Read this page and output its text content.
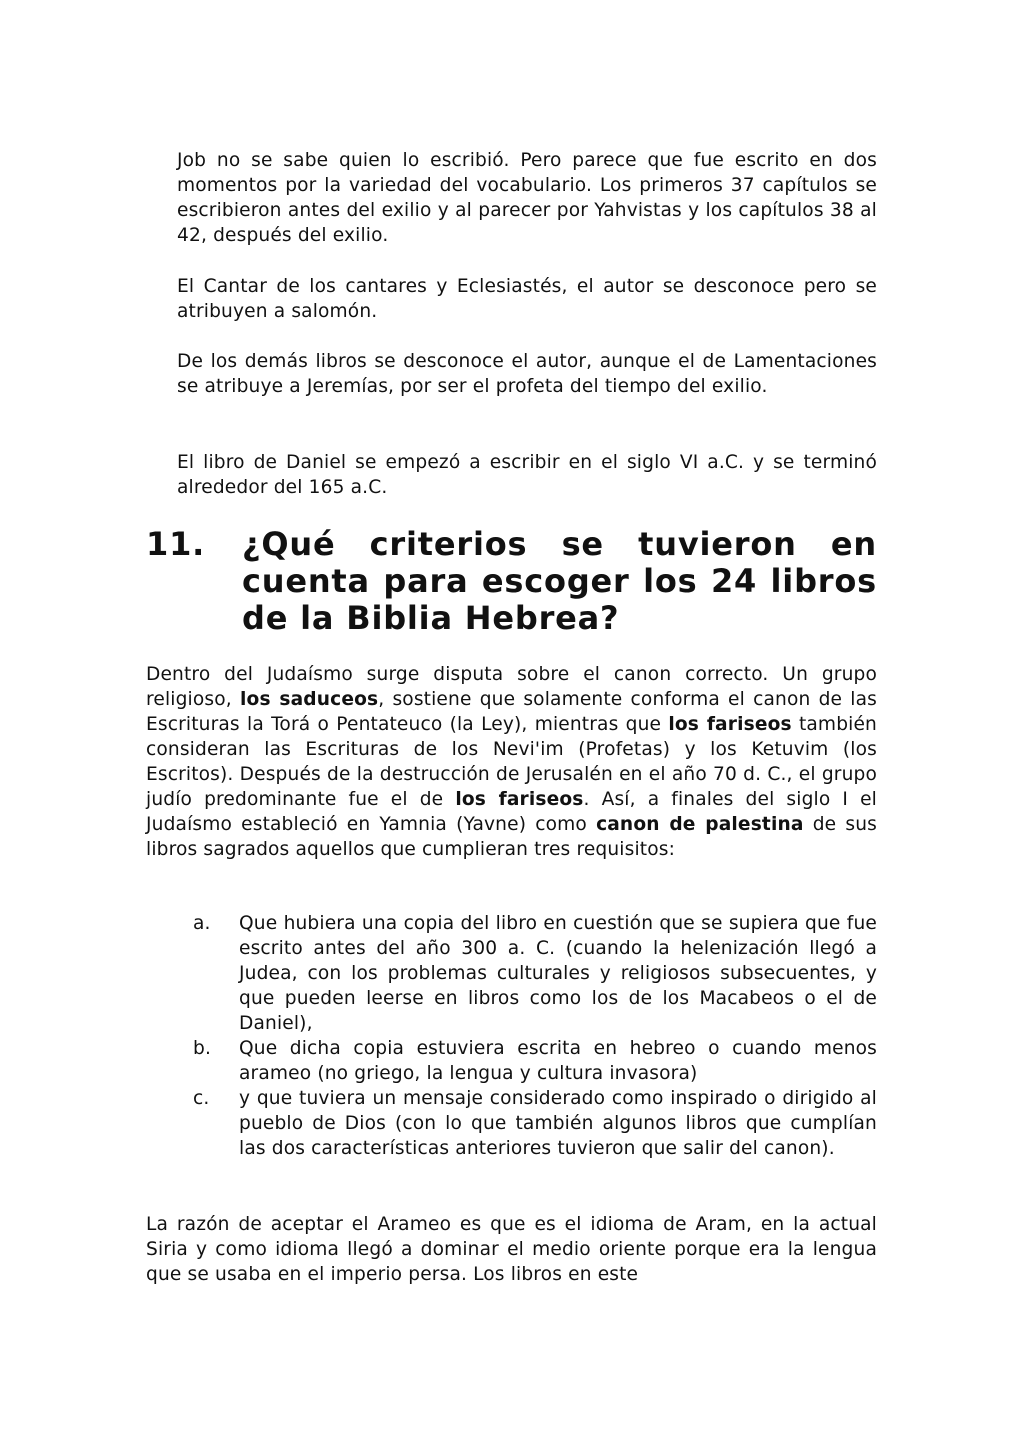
Job no se sabe quien lo escribió. Pero parece que fue escrito en dos momentos por la variedad del vocabulario. Los primeros 37 capítulos se escribieron antes del exilio y al parecer por Yahvistas y los capítulos 38 al 42, después del exilio.

El Cantar de los cantares y Eclesiastés, el autor se desconoce pero se atribuyen a salomón.

De los demás libros se desconoce el autor, aunque el de Lamentaciones se atribuye a Jeremías, por ser el profeta del tiempo del exilio.

El libro de Daniel se empezó a escribir en el siglo VI a.C. y se terminó alrededor del 165 a.C.

11. ¿Qué criterios se tuvieron en cuenta para escoger los 24 libros de la Biblia Hebrea?

Dentro del Judaísmo surge disputa sobre el canon correcto. Un grupo religioso, los saduceos, sostiene que solamente conforma el canon de las Escrituras la Torá o Pentateuco (la Ley), mientras que los fariseos también consideran las Escrituras de los Nevi'im (Profetas) y los Ketuvim (los Escritos). Después de la destrucción de Jerusalén en el año 70 d. C., el grupo judío predominante fue el de los fariseos. Así, a finales del siglo I el Judaísmo estableció en Yamnia (Yavne) como canon de palestina de sus libros sagrados aquellos que cumplieran tres requisitos:

a. Que hubiera una copia del libro en cuestión que se supiera que fue escrito antes del año 300 a. C. (cuando la helenización llegó a Judea, con los problemas culturales y religiosos subsecuentes, y que pueden leerse en libros como los de los Macabeos o el de Daniel),
b. Que dicha copia estuviera escrita en hebreo o cuando menos arameo (no griego, la lengua y cultura invasora)
c. y que tuviera un mensaje considerado como inspirado o dirigido al pueblo de Dios (con lo que también algunos libros que cumplían las dos características anteriores tuvieron que salir del canon).

La razón de aceptar el Arameo es que es el idioma de Aram, en la actual Siria y como idioma llegó a dominar el medio oriente porque era la lengua que se usaba en el imperio persa. Los libros en este
